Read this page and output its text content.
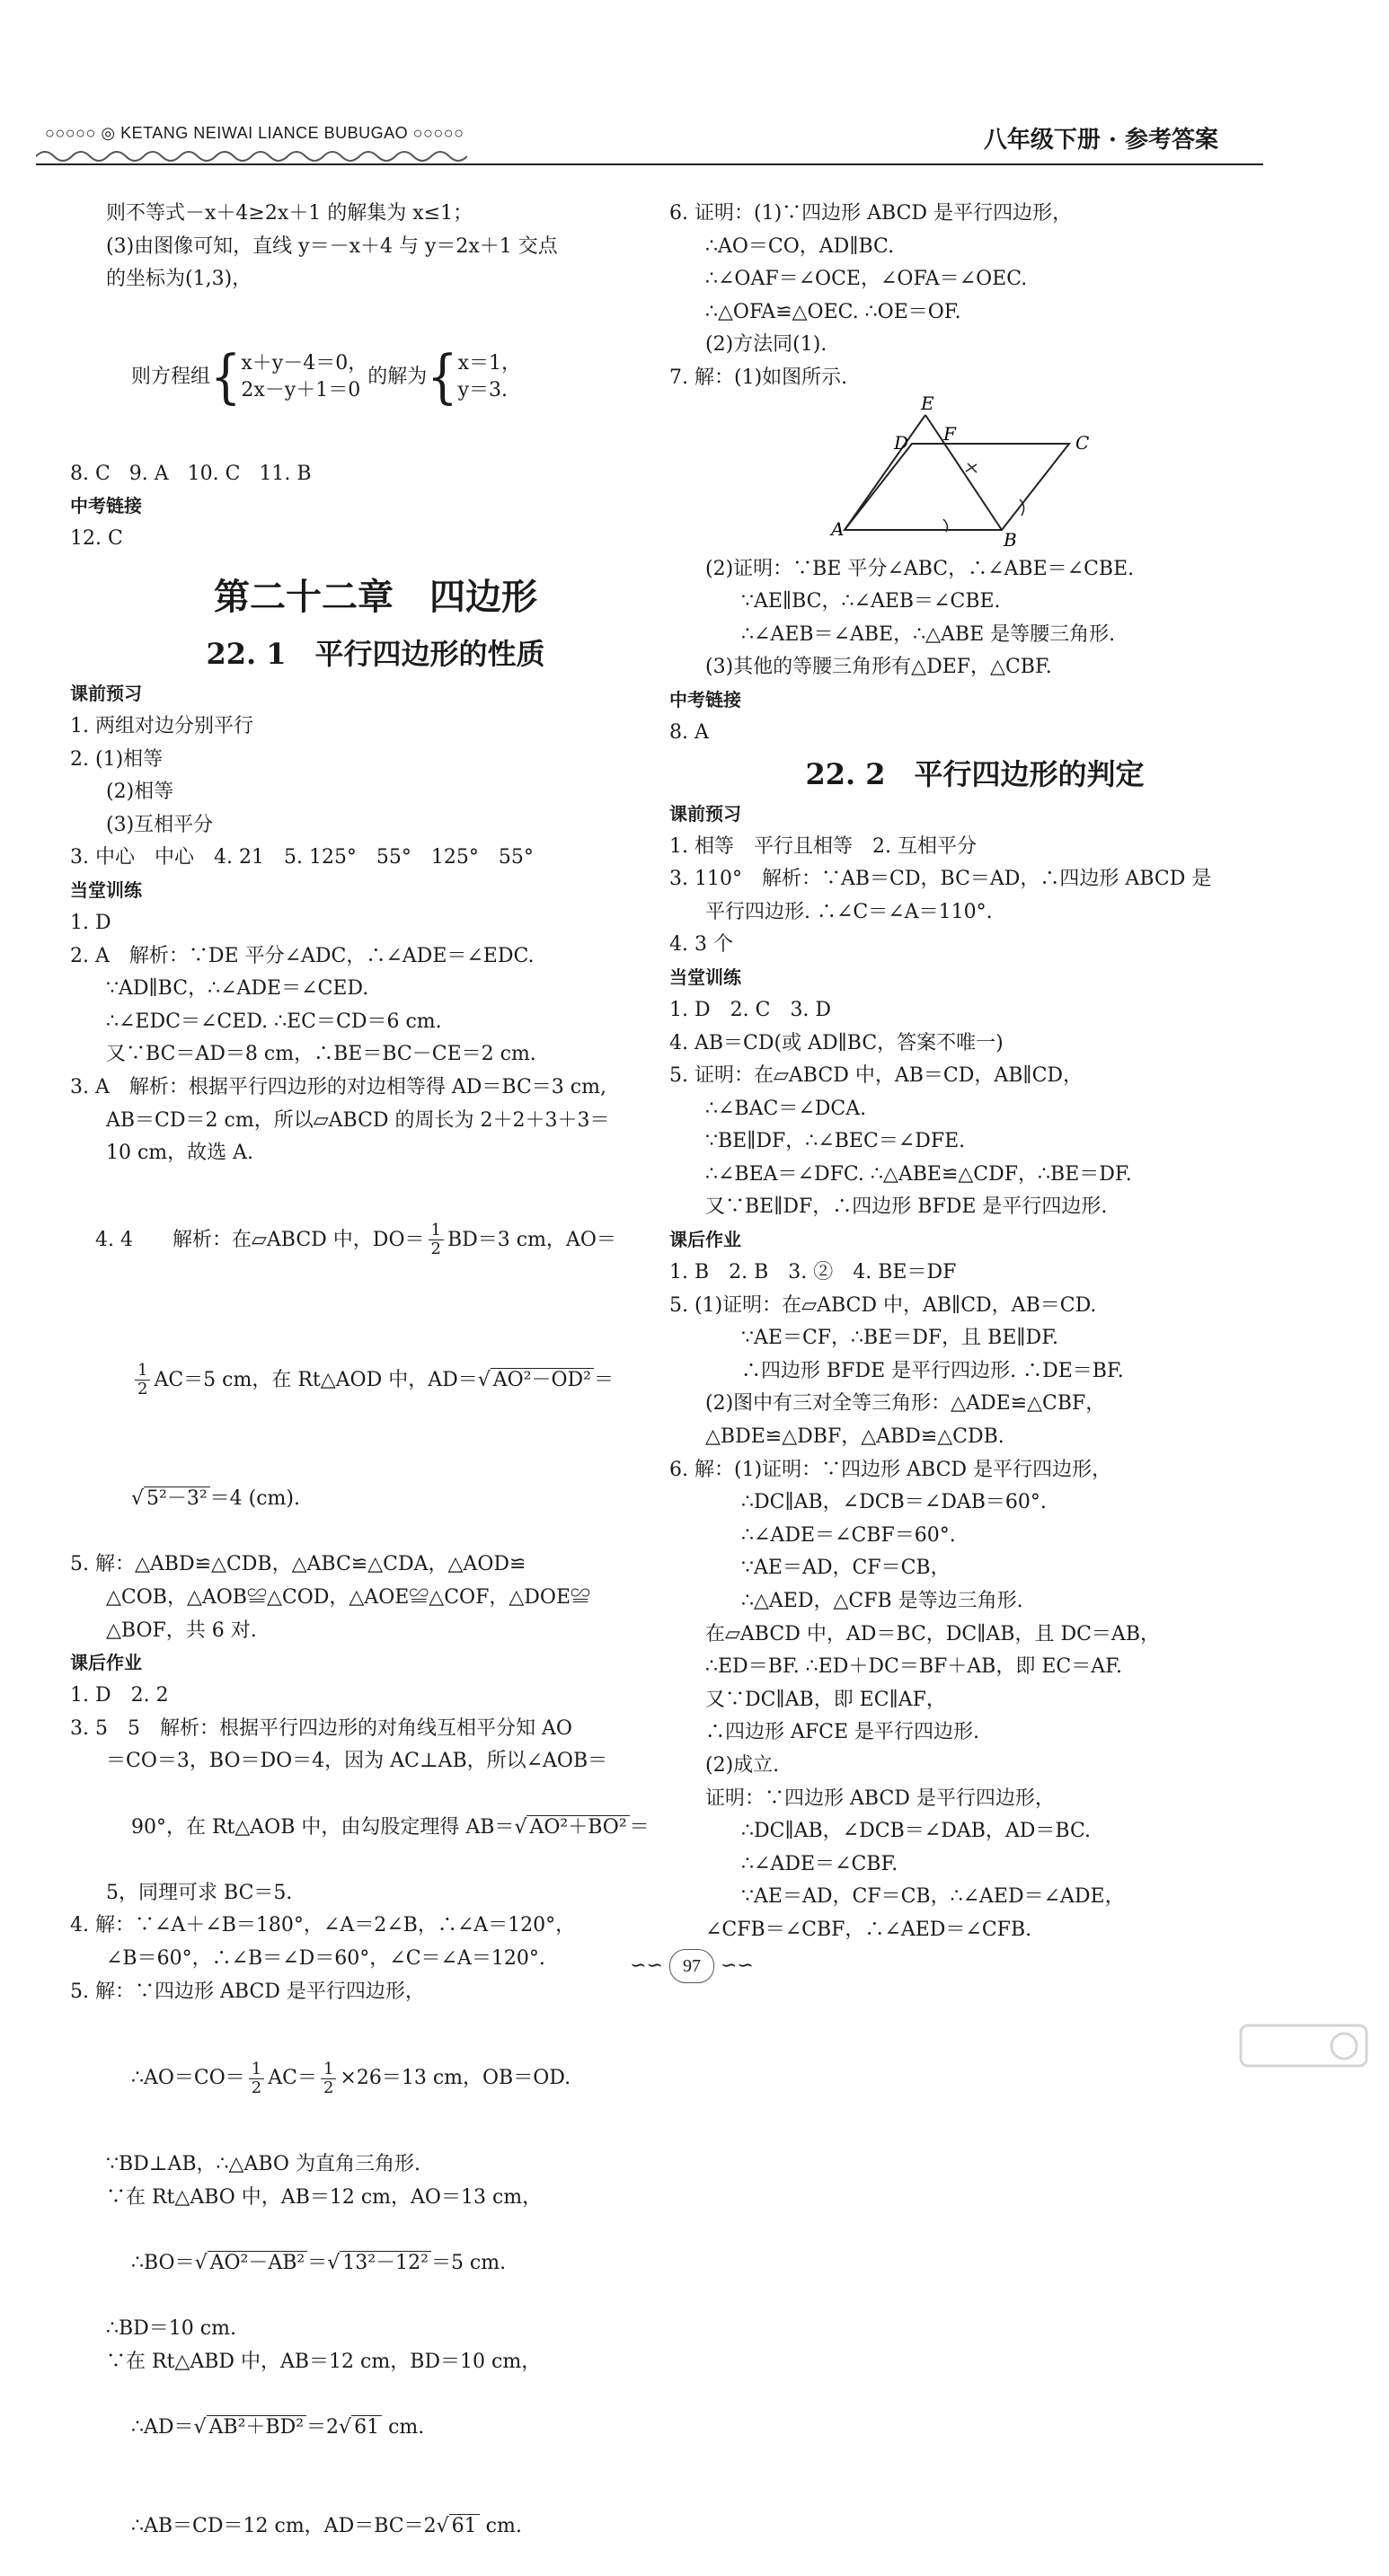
○○○○○ ◎ KETANG NEIWAI LIANCE BUBUGAO ○○○○○	八年级下册 · 参考答案
则不等式－x＋4≥2x＋1 的解集为 x≤1；
(3)由图像可知，直线 y＝－x＋4 与 y＝2x＋1 交点
的坐标为(1,3)，

则方程组{ x＋y－4＝0，
2x－y＋1＝0
的解为{ x＝1，
y＝3.

8. C   9. A   10. C   11. B
中考链接
12. C
第二十二章　四边形
22. 1　平行四边形的性质
课前预习
1. 两组对边分别平行
2. (1)相等
(2)相等
(3)互相平分
3. 中心　中心　4. 21　5. 125°　55°　125°　55°
当堂训练
1. D
2. A　解析：∵DE 平分∠ADC，∴∠ADE＝∠EDC.
∵AD∥BC，∴∠ADE＝∠CED.
∴∠EDC＝∠CED. ∴EC＝CD＝6 cm.
又∵BC＝AD＝8 cm，∴BE＝BC－CE＝2 cm.
3. A　解析：根据平行四边形的对边相等得 AD＝BC＝3 cm,
AB＝CD＝2 cm，所以▱ABCD 的周长为 2＋2＋3＋3＝
10 cm，故选 A.

4. 4　　解析：在▱ABCD 中，$DO= \frac{1}{2} BD=3$ cm，AO＝

$\frac{1}{2} AC=5$ cm，在 Rt△AOD 中，AD＝√ AO²－OD² ＝

√ 5²－3² ＝4 (cm).

5. 解：△ABD≌△CDB，△ABC≌△CDA，△AOD≌
△COB，△AOB≌△COD，△AOE≌△COF，△DOE≌
△BOF，共 6 对.
课后作业
1. D　2. 2
3. 5　5　解析：根据平行四边形的对角线互相平分知 AO
＝CO＝3，BO＝DO＝4，因为 AC⊥AB，所以∠AOB＝

90°，在 Rt△AOB 中，由勾股定理得 AB＝√ AO²＋BO² ＝

5，同理可求 BC＝5.
4. 解：∵∠A＋∠B＝180°，∠A＝2∠B，∴∠A＝120°，
∠B＝60°，∴∠B＝∠D＝60°，∠C＝∠A＝120°.
5. 解：∵四边形 ABCD 是平行四边形，

∴AO＝CO＝ $\frac{1}{2} AC= \frac{1}{2} \times 26=13$ cm，OB＝OD.

∵BD⊥AB，∴△ABO 为直角三角形.
∵在 Rt△ABO 中，AB＝12 cm，AO＝13 cm，

∴BO＝√ AO²－AB² ＝√ 13²－12² ＝5 cm.

∴BD＝10 cm.
∵在 Rt△ABD 中，AB＝12 cm，BD＝10 cm，

∴AD＝√ AB²＋BD² ＝2√ 61 cm.

∴AB＝CD＝12 cm，AD＝BC＝2√ 61 cm.

6. 证明：(1)∵四边形 ABCD 是平行四边形，
∴AO＝CO，AD∥BC.
∴∠OAF＝∠OCE，∠OFA＝∠OEC.
∴△OFA≌△OEC. ∴OE＝OF.
(2)方法同(1).
7. 解：(1)如图所示.
E
D F	C
A	B
(2)证明：∵BE 平分∠ABC，∴∠ABE＝∠CBE.
∵AE∥BC，∴∠AEB＝∠CBE.
∴∠AEB＝∠ABE，∴△ABE 是等腰三角形.
(3)其他的等腰三角形有△DEF，△CBF.
中考链接
8. A
22. 2　平行四边形的判定
课前预习
1. 相等　平行且相等　2. 互相平分
3. 110°　解析：∵AB＝CD，BC＝AD，∴四边形 ABCD 是
平行四边形. ∴∠C＝∠A＝110°.
4. 3 个
当堂训练
1. D　2. C　3. D
4. AB＝CD(或 AD∥BC，答案不唯一)
5. 证明：在▱ABCD 中，AB＝CD，AB∥CD，
∴∠BAC＝∠DCA.
∵BE∥DF，∴∠BEC＝∠DFE.
∴∠BEA＝∠DFC. ∴△ABE≌△CDF，∴BE＝DF.
又∵BE∥DF，∴四边形 BFDE 是平行四边形.
课后作业
1. B　2. B　3. ②　4. BE＝DF
5. (1)证明：在▱ABCD 中，AB∥CD，AB＝CD.
∵AE＝CF，∴BE＝DF，且 BE∥DF.
∴四边形 BFDE 是平行四边形. ∴DE＝BF.
(2)图中有三对全等三角形：△ADE≌△CBF，
△BDE≌△DBF，△ABD≌△CDB.
6. 解：(1)证明：∵四边形 ABCD 是平行四边形，
∴DC∥AB，∠DCB＝∠DAB＝60°.
∴∠ADE＝∠CBF＝60°.
∵AE＝AD，CF＝CB，
∴△AED，△CFB 是等边三角形.
在▱ABCD 中，AD＝BC，DC∥AB，且 DC＝AB，
∴ED＝BF. ∴ED＋DC＝BF＋AB，即 EC＝AF.
又∵DC∥AB，即 EC∥AF，
∴四边形 AFCE 是平行四边形.
(2)成立.
证明：∵四边形 ABCD 是平行四边形，
∴DC∥AB，∠DCB＝∠DAB，AD＝BC.
∴∠ADE＝∠CBF.
∵AE＝AD，CF＝CB，∴∠AED＝∠ADE，
∠CFB＝∠CBF，∴∠AED＝∠CFB.
∽∽ 97 ∽∽
